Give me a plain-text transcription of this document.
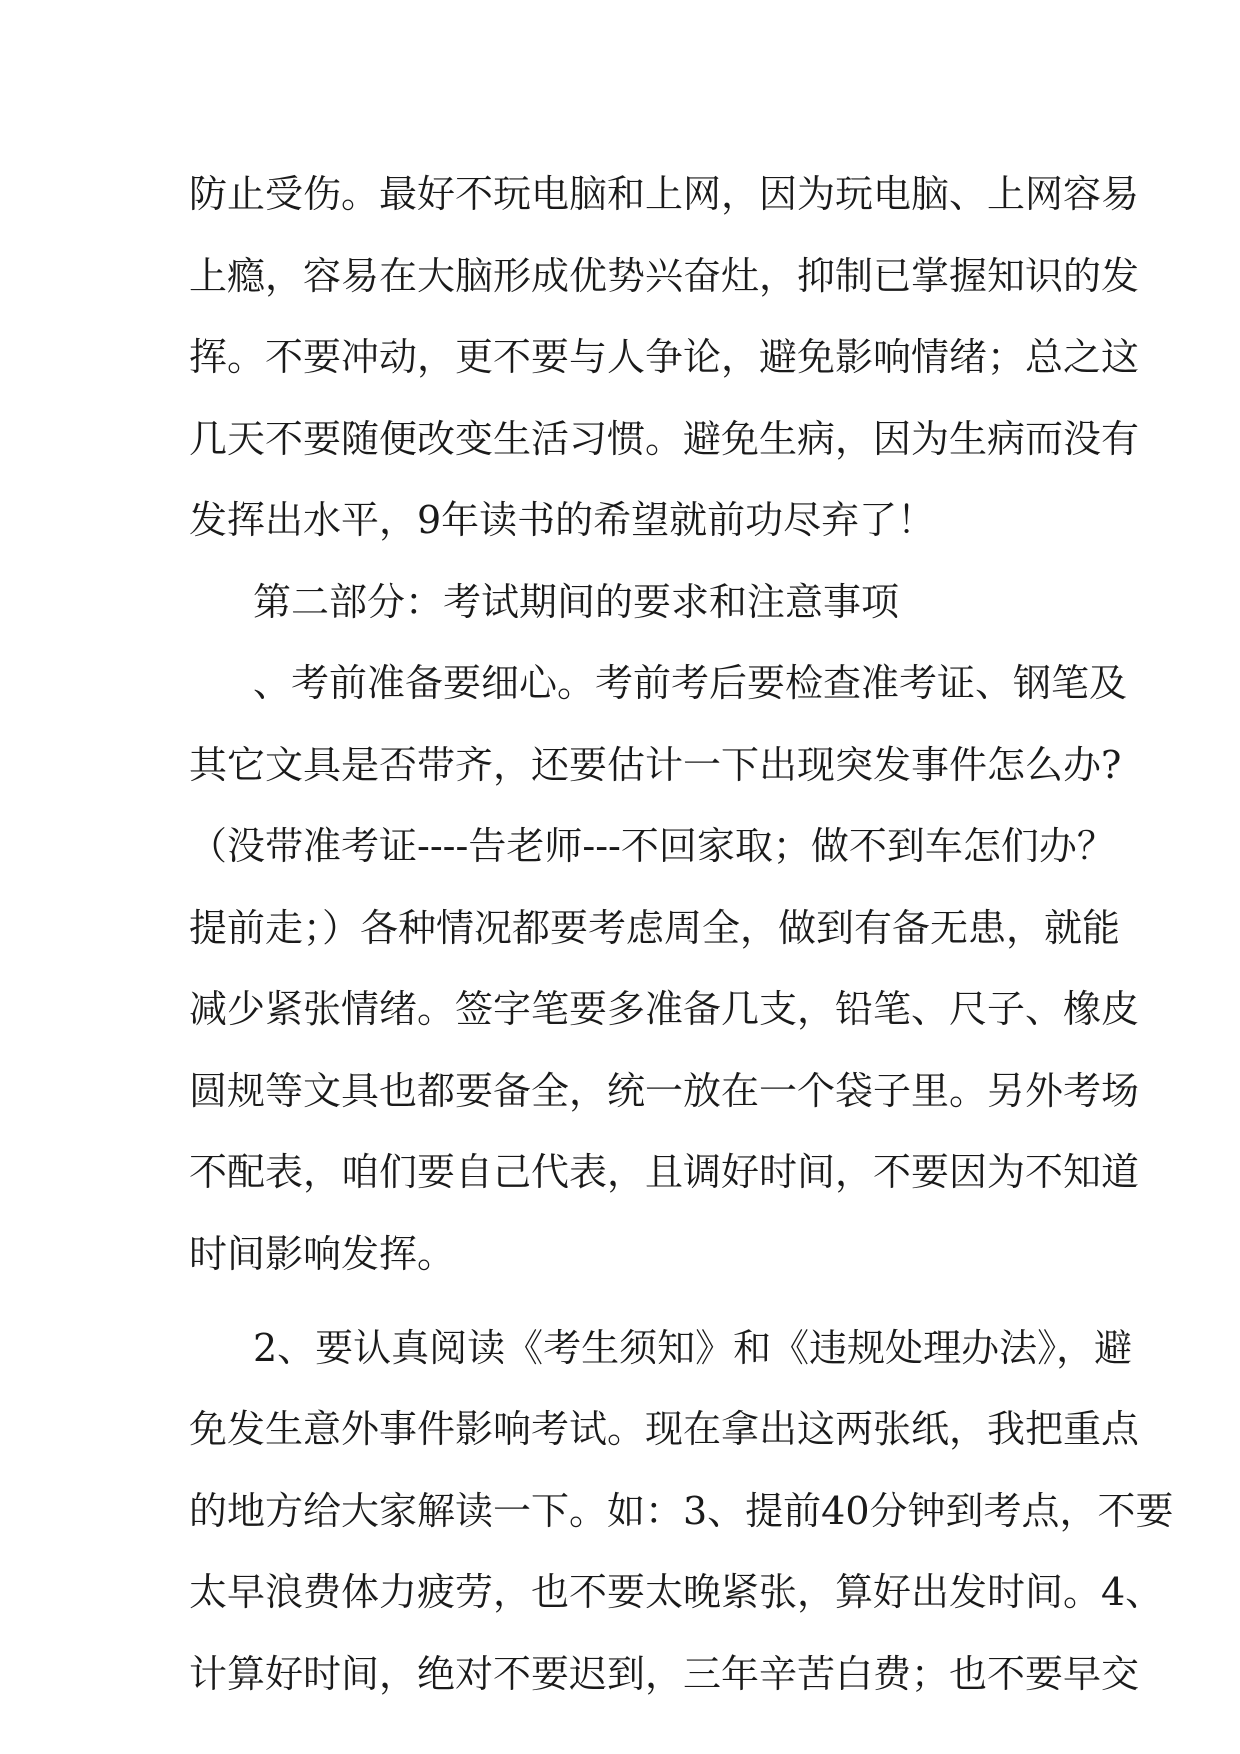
防止受伤。最好不玩电脑和上网，因为玩电脑、上网容易
上瘾，容易在大脑形成优势兴奋灶，抑制已掌握知识的发
挥。不要冲动，更不要与人争论，避免影响情绪；总之这
几天不要随便改变生活习惯。避免生病，因为生病而没有
发挥出水平，9年读书的希望就前功尽弃了！
第二部分：考试期间的要求和注意事项
、考前准备要细心。考前考后要检查准考证、钢笔及
其它文具是否带齐，还要估计一下出现突发事件怎么办?
（没带准考证----告老师---不回家取；做不到车怎们办？
提前走；）各种情况都要考虑周全，做到有备无患，就能
减少紧张情绪。签字笔要多准备几支，铅笔、尺子、橡皮
圆规等文具也都要备全，统一放在一个袋子里。另外考场
不配表，咱们要自己代表，且调好时间，不要因为不知道
时间影响发挥。
2、要认真阅读《考生须知》和《违规处理办法》，避
免发生意外事件影响考试。现在拿出这两张纸，我把重点
的地方给大家解读一下。如：3、提前40分钟到考点，不要
太早浪费体力疲劳，也不要太晚紧张，算好出发时间。4、
计算好时间，绝对不要迟到，三年辛苦白费；也不要早交
